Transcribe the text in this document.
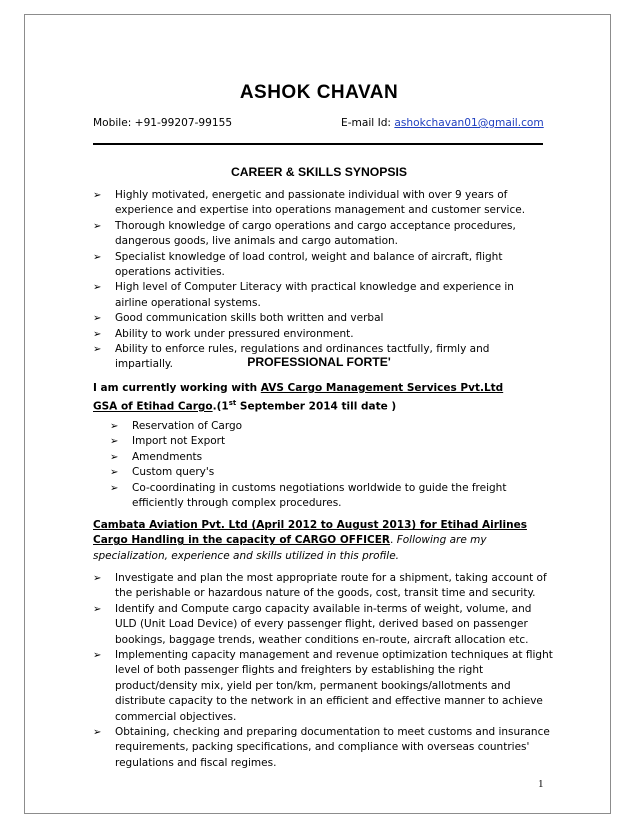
ASHOK CHAVAN
Mobile: +91-99207-99155	E-mail Id: ashokchavan01@gmail.com
CAREER & SKILLS SYNOPSIS
➢ Highly motivated, energetic and passionate individual with over 9 years of experience and expertise into operations management and customer service.
➢ Thorough knowledge of cargo operations and cargo acceptance procedures, dangerous goods, live animals and cargo automation.
➢ Specialist knowledge of load control, weight and balance of aircraft, flight operations activities.
➢ High level of Computer Literacy with practical knowledge and experience in airline operational systems.
➢ Good communication skills both written and verbal
➢ Ability to work under pressured environment.
➢ Ability to enforce rules, regulations and ordinances tactfully, firmly and impartially.	PROFESSIONAL FORTE'
I am currently working with AVS Cargo Management Services Pvt.Ltd
GSA of Etihad Cargo.(1st September 2014 till date )
➢ Reservation of Cargo
➢ Import not Export
➢ Amendments
➢ Custom query's
➢ Co-coordinating in customs negotiations worldwide to guide the freight efficiently through complex procedures.
Cambata Aviation Pvt. Ltd (April 2012 to August 2013) for Etihad Airlines
Cargo Handling in the capacity of CARGO OFFICER. Following are my
specialization, experience and skills utilized in this profile.
➢ Investigate and plan the most appropriate route for a shipment, taking account of the perishable or hazardous nature of the goods, cost, transit time and security.
➢ Identify and Compute cargo capacity available in-terms of weight, volume, and ULD (Unit Load Device) of every passenger flight, derived based on passenger bookings, baggage trends, weather conditions en-route, aircraft allocation etc.
➢ Implementing capacity management and revenue optimization techniques at flight level of both passenger flights and freighters by establishing the right product/density mix, yield per ton/km, permanent bookings/allotments and distribute capacity to the network in an efficient and effective manner to achieve commercial objectives.
➢ Obtaining, checking and preparing documentation to meet customs and insurance requirements, packing specifications, and compliance with overseas countries' regulations and fiscal regimes.
1
